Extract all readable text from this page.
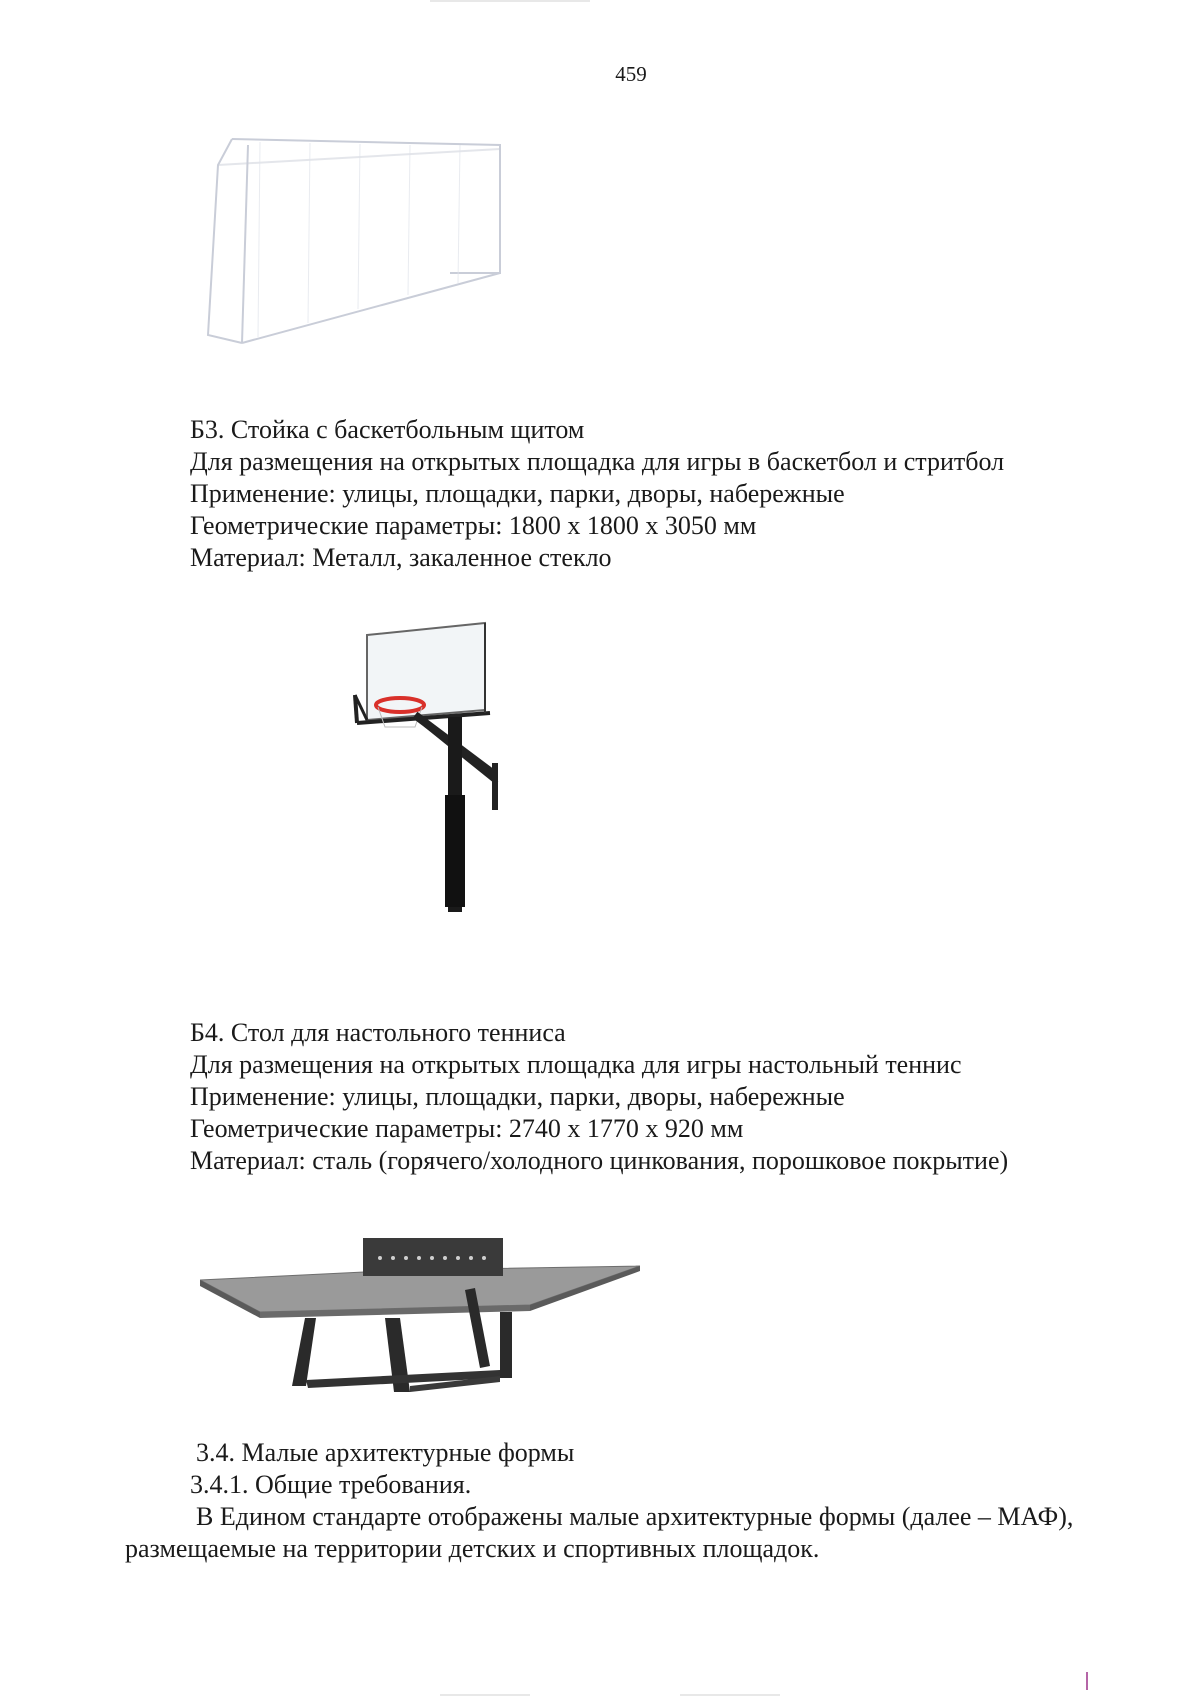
459
Б3. Стойка с баскетбольным щитом
Для размещения на открытых площадка для игры в баскетбол и стритбол
Применение: улицы, площадки, парки, дворы, набережные
Геометрические параметры: 1800 х 1800 х 3050 мм
Материал: Металл, закаленное стекло
Б4. Стол для настольного тенниса
Для размещения на открытых площадка для игры настольный теннис
Применение: улицы, площадки, парки, дворы, набережные
Геометрические параметры: 2740 х 1770 х 920 мм
Материал: сталь (горячего/холодного цинкования, порошковое покрытие)
3.4. Малые архитектурные формы
3.4.1. Общие требования.
В Едином стандарте отображены малые архитектурные формы (далее – МАФ),
размещаемые на территории детских и спортивных площадок.
